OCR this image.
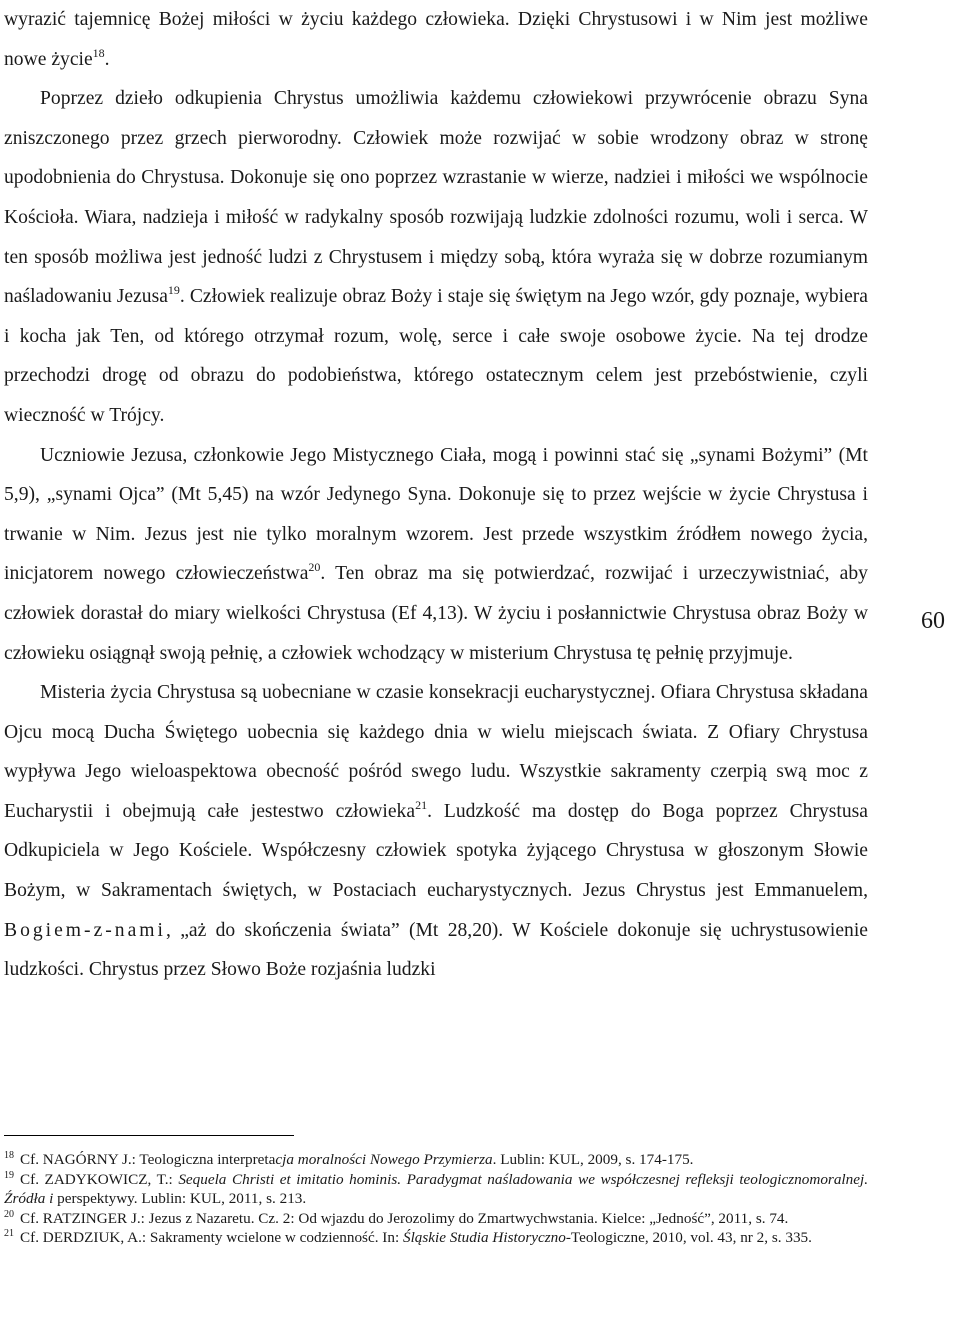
wyrazić tajemnicę Bożej miłości w życiu każdego człowieka. Dzięki Chrystusowi i w Nim jest możliwe nowe życie$^{18}$.

Poprzez dzieło odkupienia Chrystus umożliwia każdemu człowiekowi przywrócenie obrazu Syna zniszczonego przez grzech pierworodny. Człowiek może rozwijać w sobie wrodzony obraz w stronę upodobnienia do Chrystusa. Dokonuje się ono poprzez wzrastanie w wierze, nadziei i miłości we wspólnocie Kościoła. Wiara, nadzieja i miłość w radykalny sposób rozwijają ludzkie zdolności rozumu, woli i serca. W ten sposób możliwa jest jedność ludzi z Chrystusem i między sobą, która wyraża się w dobrze rozumianym naśladowaniu Jezusa$^{19}$. Człowiek realizuje obraz Boży i staje się świętym na Jego wzór, gdy poznaje, wybiera i kocha jak Ten, od którego otrzymał rozum, wolę, serce i całe swoje osobowe życie. Na tej drodze przechodzi drogę od obrazu do podobieństwa, którego ostatecznym celem jest przebóstwienie, czyli wieczność w Trójcy.

Uczniowie Jezusa, członkowie Jego Mistycznego Ciała, mogą i powinni stać się „synami Bożymi” (Mt 5,9), „synami Ojca” (Mt 5,45) na wzór Jedynego Syna. Dokonuje się to przez wejście w życie Chrystusa i trwanie w Nim. Jezus jest nie tylko moralnym wzorem. Jest przede wszystkim źródłem nowego życia, inicjatorem nowego człowieczeństwa$^{20}$. Ten obraz ma się potwierdzać, rozwijać i urzeczywistniać, aby człowiek dorastał do miary wielkości Chrystusa (Ef 4,13). W życiu i posłannictwie Chrystusa obraz Boży w człowieku osiągnął swoją pełnię, a człowiek wchodzący w misterium Chrystusa tę pełnię przyjmuje.

Misteria życia Chrystusa są uobecniane w czasie konsekracji eucharystycznej. Ofiara Chrystusa składana Ojcu mocą Ducha Świętego uobecnia się każdego dnia w wielu miejscach świata. Z Ofiary Chrystusa wypływa Jego wieloaspektowa obecność pośród swego ludu. Wszystkie sakramenty czerpią swą moc z Eucharystii i obejmują całe jestestwo człowieka$^{21}$. Ludzkość ma dostęp do Boga poprzez Chrystusa Odkupiciela w Jego Kościele. Współczesny człowiek spotyka żyjącego Chrystusa w głoszonym Słowie Bożym, w Sakramentach świętych, w Postaciach eucharystycznych. Jezus Chrystus jest Emmanuelem, Bogiem-z-nami, „aż do skończenia świata” (Mt 28,20). W Kościele dokonuje się uchrystusowienie ludzkości. Chrystus przez Słowo Boże rozjaśnia ludzki

60

$^{18}$ Cf. NAGÓRNY J.: Teologiczna interpretacja moralności Nowego Przymierza. Lublin: KUL, 2009, s. 174-175.

$^{19}$ Cf. ZADYKOWICZ, T.: Sequela Christi et imitatio hominis. Paradygmat naśladowania we współczesnej refleksji teologicznomoralnej. Źródła i perspektywy. Lublin: KUL, 2011, s. 213.

$^{20}$ Cf. RATZINGER J.: Jezus z Nazaretu. Cz. 2: Od wjazdu do Jerozolimy do Zmartwychwstania. Kielce: „Jedność”, 2011, s. 74.

$^{21}$ Cf. DERDZIUK, A.: Sakramenty wcielone w codzienność. In: Śląskie Studia Historyczno-Teologiczne, 2010, vol. 43, nr 2, s. 335.
